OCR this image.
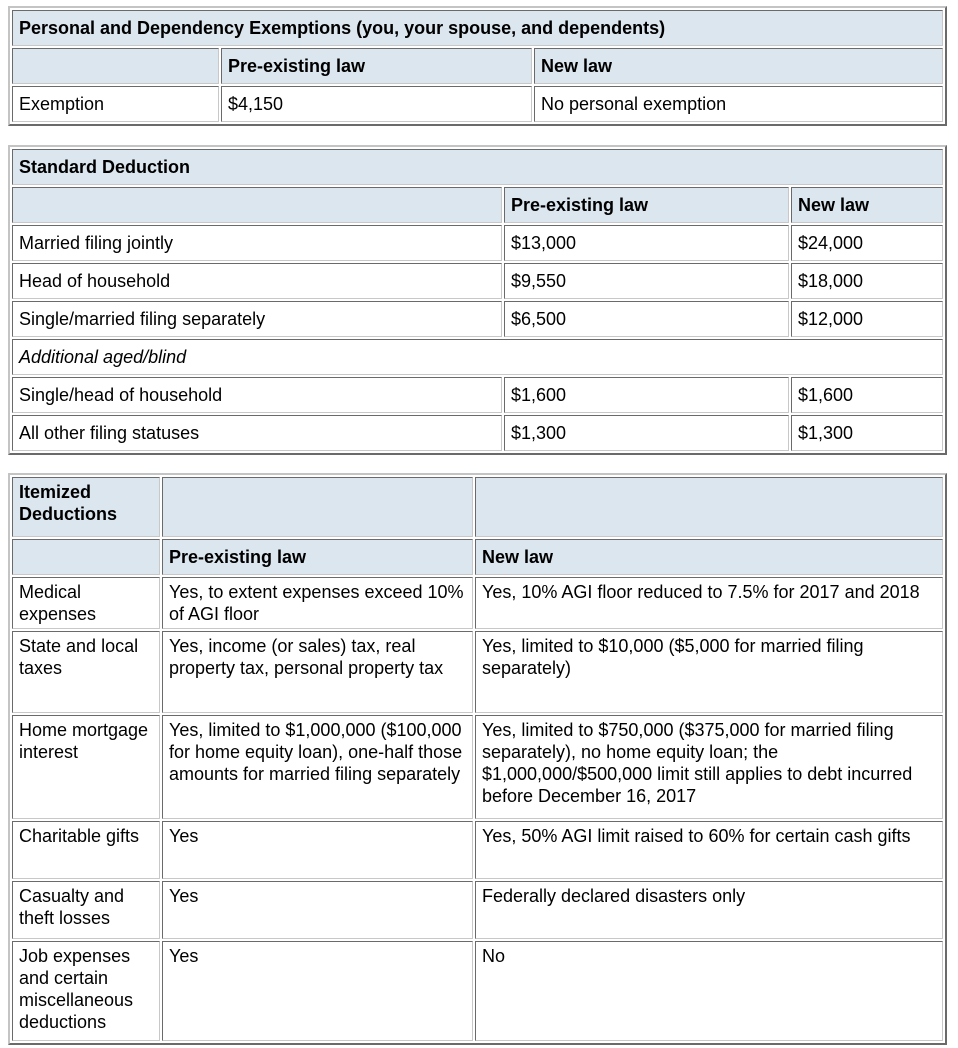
Personal and Dependency Exemptions (you, your spouse, and dependents)		
	Pre-existing law	New law
Exemption	$4,150	No personal exemption
Standard Deduction		
	Pre-existing law	New law
Married filing jointly	$13,000	$24,000
Head of household	$9,550	$18,000
Single/married filing separately	$6,500	$12,000
Additional aged/blind		
Single/head of household	$1,600	$1,600
All other filing statuses	$1,300	$1,300
Itemized Deductions		
	Pre-existing law	New law
Medical expenses	Yes, to extent expenses exceed 10% of AGI floor	Yes, 10% AGI floor reduced to 7.5% for 2017 and 2018
State and local taxes	Yes, income (or sales) tax, real property tax, personal property tax	Yes, limited to $10,000 ($5,000 for married filing separately)
Home mortgage interest	Yes, limited to $1,000,000 ($100,000 for home equity loan), one-half those amounts for married filing separately	Yes, limited to $750,000 ($375,000 for married filing separately), no home equity loan; the $1,000,000/$500,000 limit still applies to debt incurred before December 16, 2017
Charitable gifts	Yes	Yes, 50% AGI limit raised to 60% for certain cash gifts
Casualty and theft losses	Yes	Federally declared disasters only
Job expenses and certain miscellaneous deductions	Yes	No
